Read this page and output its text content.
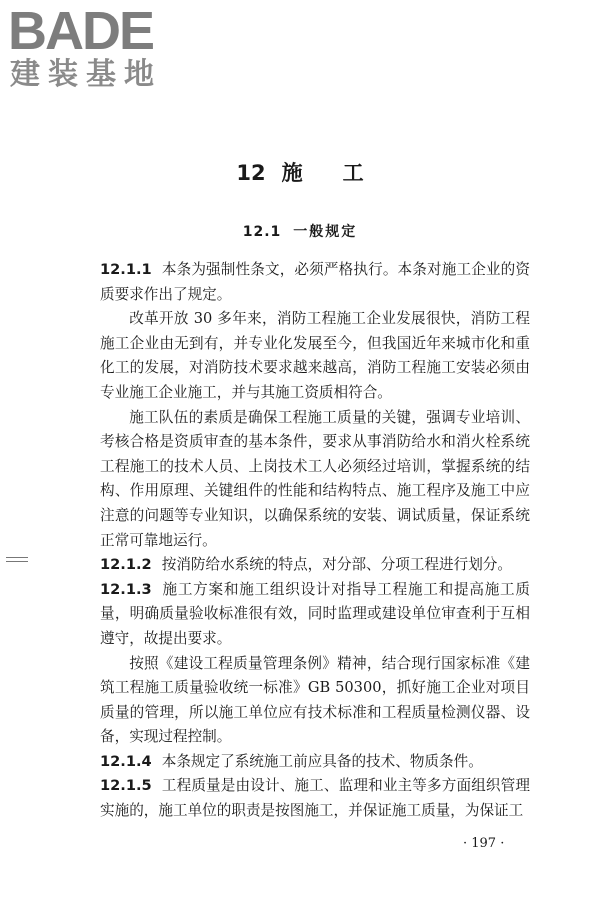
BADE
建装基地
12 施 工
12.1 一般规定

12.1.1 本条为强制性条文，必须严格执行。本条对施工企业的资质要求作出了规定。

改革开放 30 多年来，消防工程施工企业发展很快，消防工程施工企业由无到有，并专业化发展至今，但我国近年来城市化和重化工的发展，对消防技术要求越来越高，消防工程施工安装必须由专业施工企业施工，并与其施工资质相符合。

施工队伍的素质是确保工程施工质量的关键，强调专业培训、考核合格是资质审查的基本条件，要求从事消防给水和消火栓系统工程施工的技术人员、上岗技术工人必须经过培训，掌握系统的结构、作用原理、关键组件的性能和结构特点、施工程序及施工中应注意的问题等专业知识，以确保系统的安装、调试质量，保证系统正常可靠地运行。

12.1.2 按消防给水系统的特点，对分部、分项工程进行划分。

12.1.3 施工方案和施工组织设计对指导工程施工和提高施工质量，明确质量验收标准很有效，同时监理或建设单位审查利于互相遵守，故提出要求。

按照《建设工程质量管理条例》精神，结合现行国家标准《建筑工程施工质量验收统一标准》GB 50300，抓好施工企业对项目质量的管理，所以施工单位应有技术标准和工程质量检测仪器、设备，实现过程控制。

12.1.4 本条规定了系统施工前应具备的技术、物质条件。

12.1.5 工程质量是由设计、施工、监理和业主等多方面组织管理实施的，施工单位的职责是按图施工，并保证施工质量，为保证工

· 197 ·
